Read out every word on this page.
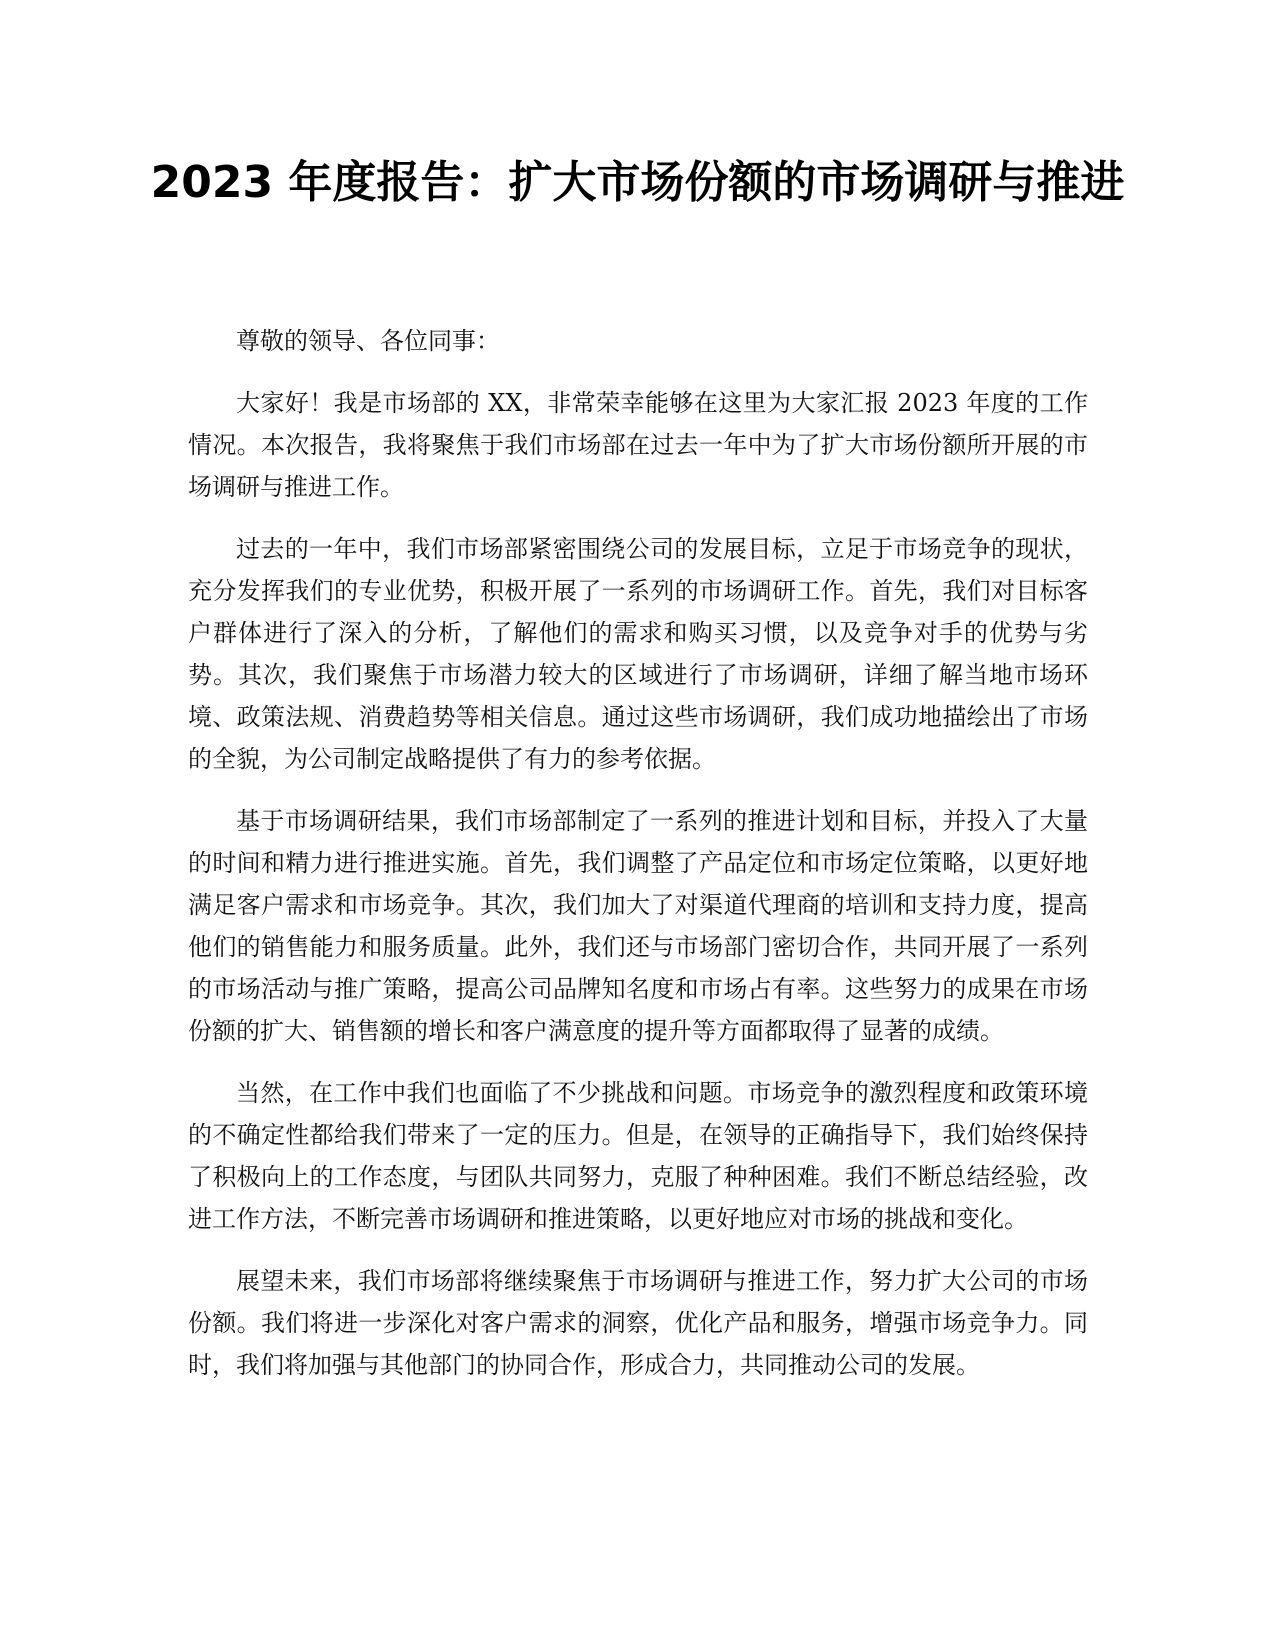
2023 年度报告：扩大市场份额的市场调研与推进

尊敬的领导、各位同事：

大家好！我是市场部的 XX，非常荣幸能够在这里为大家汇报 2023 年度的工作情况。本次报告，我将聚焦于我们市场部在过去一年中为了扩大市场份额所开展的市场调研与推进工作。

过去的一年中，我们市场部紧密围绕公司的发展目标，立足于市场竞争的现状，充分发挥我们的专业优势，积极开展了一系列的市场调研工作。首先，我们对目标客户群体进行了深入的分析，了解他们的需求和购买习惯，以及竞争对手的优势与劣势。其次，我们聚焦于市场潜力较大的区域进行了市场调研，详细了解当地市场环境、政策法规、消费趋势等相关信息。通过这些市场调研，我们成功地描绘出了市场的全貌，为公司制定战略提供了有力的参考依据。

基于市场调研结果，我们市场部制定了一系列的推进计划和目标，并投入了大量的时间和精力进行推进实施。首先，我们调整了产品定位和市场定位策略，以更好地满足客户需求和市场竞争。其次，我们加大了对渠道代理商的培训和支持力度，提高他们的销售能力和服务质量。此外，我们还与市场部门密切合作，共同开展了一系列的市场活动与推广策略，提高公司品牌知名度和市场占有率。这些努力的成果在市场份额的扩大、销售额的增长和客户满意度的提升等方面都取得了显著的成绩。

当然，在工作中我们也面临了不少挑战和问题。市场竞争的激烈程度和政策环境的不确定性都给我们带来了一定的压力。但是，在领导的正确指导下，我们始终保持了积极向上的工作态度，与团队共同努力，克服了种种困难。我们不断总结经验，改进工作方法，不断完善市场调研和推进策略，以更好地应对市场的挑战和变化。

展望未来，我们市场部将继续聚焦于市场调研与推进工作，努力扩大公司的市场份额。我们将进一步深化对客户需求的洞察，优化产品和服务，增强市场竞争力。同时，我们将加强与其他部门的协同合作，形成合力，共同推动公司的发展。
